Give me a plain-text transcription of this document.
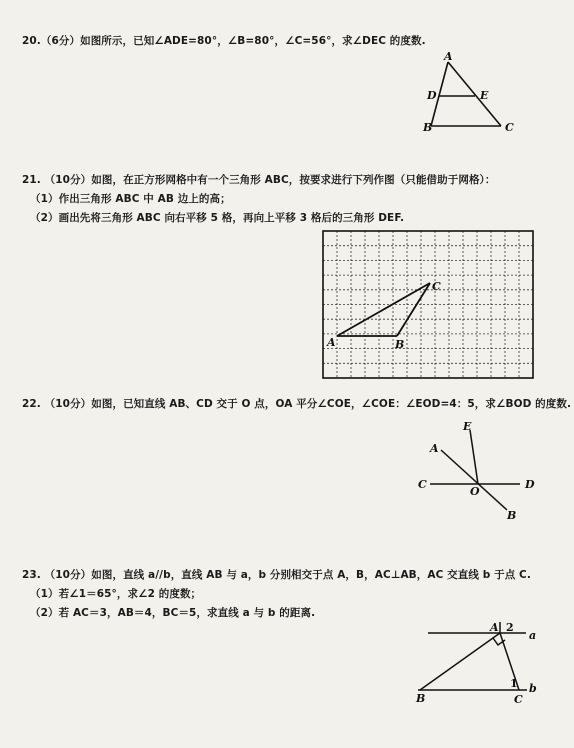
20.（6分）如图所示，已知∠ADE=80°，∠B=80°，∠C=56°，求∠DEC 的度数.
A
D	E
B	C
21. （10分）如图，在正方形网格中有一个三角形 ABC，按要求进行下列作图（只能借助于网格）：
（1）作出三角形 ABC 中 AB 边上的高；
（2）画出先将三角形 ABC 向右平移 5 格，再向上平移 3 格后的三角形 DEF.
A	B
C
22. （10分）如图，已知直线 AB、CD 交于 O 点，OA 平分∠COE，∠COE：∠EOD=4：5，求∠BOD 的度数.
E
A
C
O
D
B
23. （10分）如图，直线 a//b，直线 AB 与 a，b 分别相交于点 A，B，AC⊥AB，AC 交直线 b 于点 C.
（1）若∠1＝65°，求∠2 的度数；
（2）若 AC＝3，AB＝4，BC＝5，求直线 a 与 b 的距离.
A 2
a
1 b
B	C
